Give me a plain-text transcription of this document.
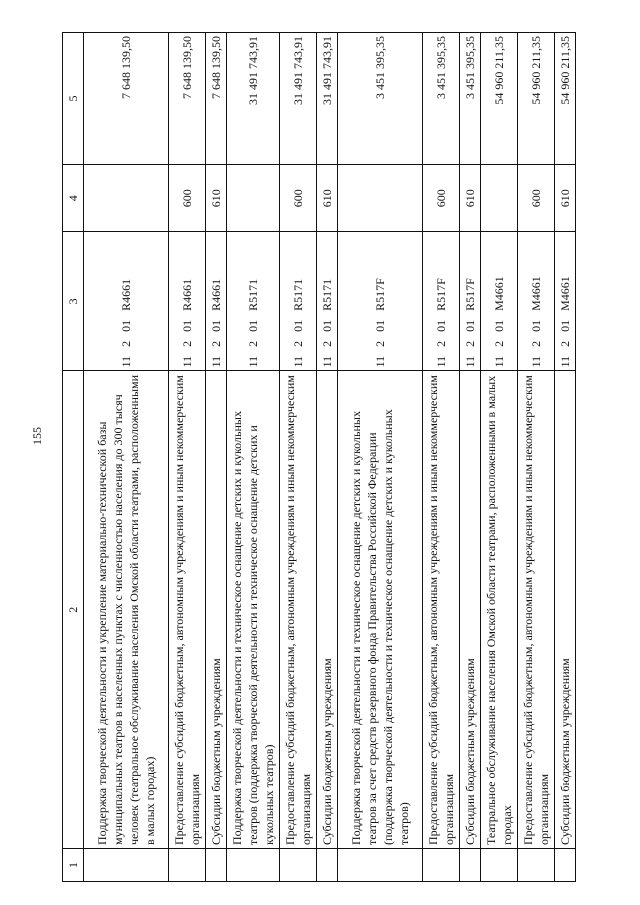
155
1	2	3	4	5
	Поддержка творческой деятельности и укрепление материально-технической базы муниципальных театров в населенных пунктах с численностью населения до 300 тысяч человек (театральное обслуживание населения Омской области театрами, расположенными в малых городах)	11 2 01 R4661		7 648 139,50
	Предоставление субсидий бюджетным, автономным учреждениям и иным некоммерческим организациям	11 2 01 R4661	600	7 648 139,50
	Субсидии бюджетным учреждениям	11 2 01 R4661	610	7 648 139,50
	Поддержка творческой деятельности и техническое оснащение детских и кукольных театров (поддержка творческой деятельности и техническое оснащение детских и кукольных театров)	11 2 01 R5171		31 491 743,91
	Предоставление субсидий бюджетным, автономным учреждениям и иным некоммерческим организациям	11 2 01 R5171	600	31 491 743,91
	Субсидии бюджетным учреждениям	11 2 01 R5171	610	31 491 743,91
	Поддержка творческой деятельности и техническое оснащение детских и кукольных театров за счет средств резервного фонда Правительства Российской Федерации (поддержка творческой деятельности и техническое оснащение детских и кукольных театров)	11 2 01 R517F		3 451 395,35
	Предоставление субсидий бюджетным, автономным учреждениям и иным некоммерческим организациям	11 2 01 R517F	600	3 451 395,35
	Субсидии бюджетным учреждениям	11 2 01 R517F	610	3 451 395,35
	Театральное обслуживание населения Омской области театрами, расположенными в малых городах	11 2 01 M4661		54 960 211,35
	Предоставление субсидий бюджетным, автономным учреждениям и иным некоммерческим организациям	11 2 01 M4661	600	54 960 211,35
	Субсидии бюджетным учреждениям	11 2 01 M4661	610	54 960 211,35
